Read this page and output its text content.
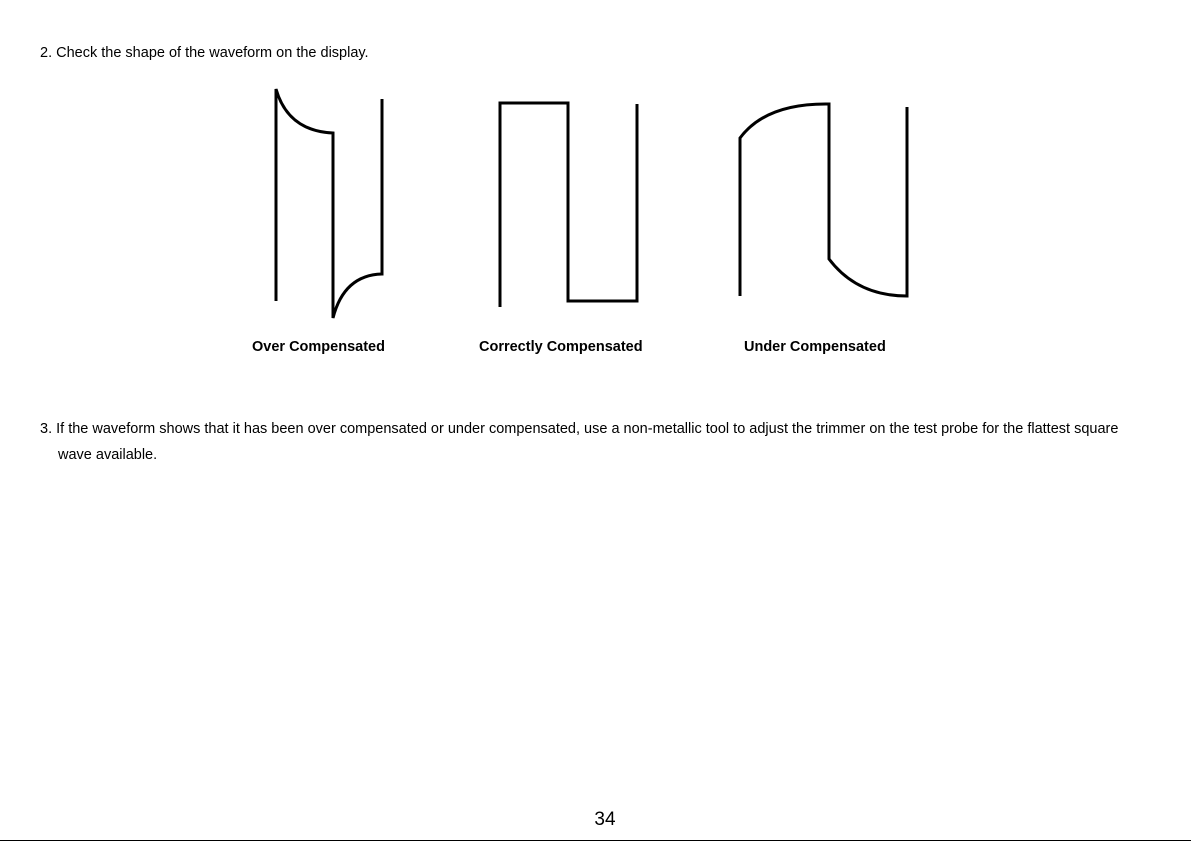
2. Check the shape of the waveform on the display.

Over Compensated	Correctly Compensated	Under Compensated

3. If the waveform shows that it has been over compensated or under compensated, use a non-metallic tool to adjust the trimmer on the test probe for the flattest square wave available.

34
